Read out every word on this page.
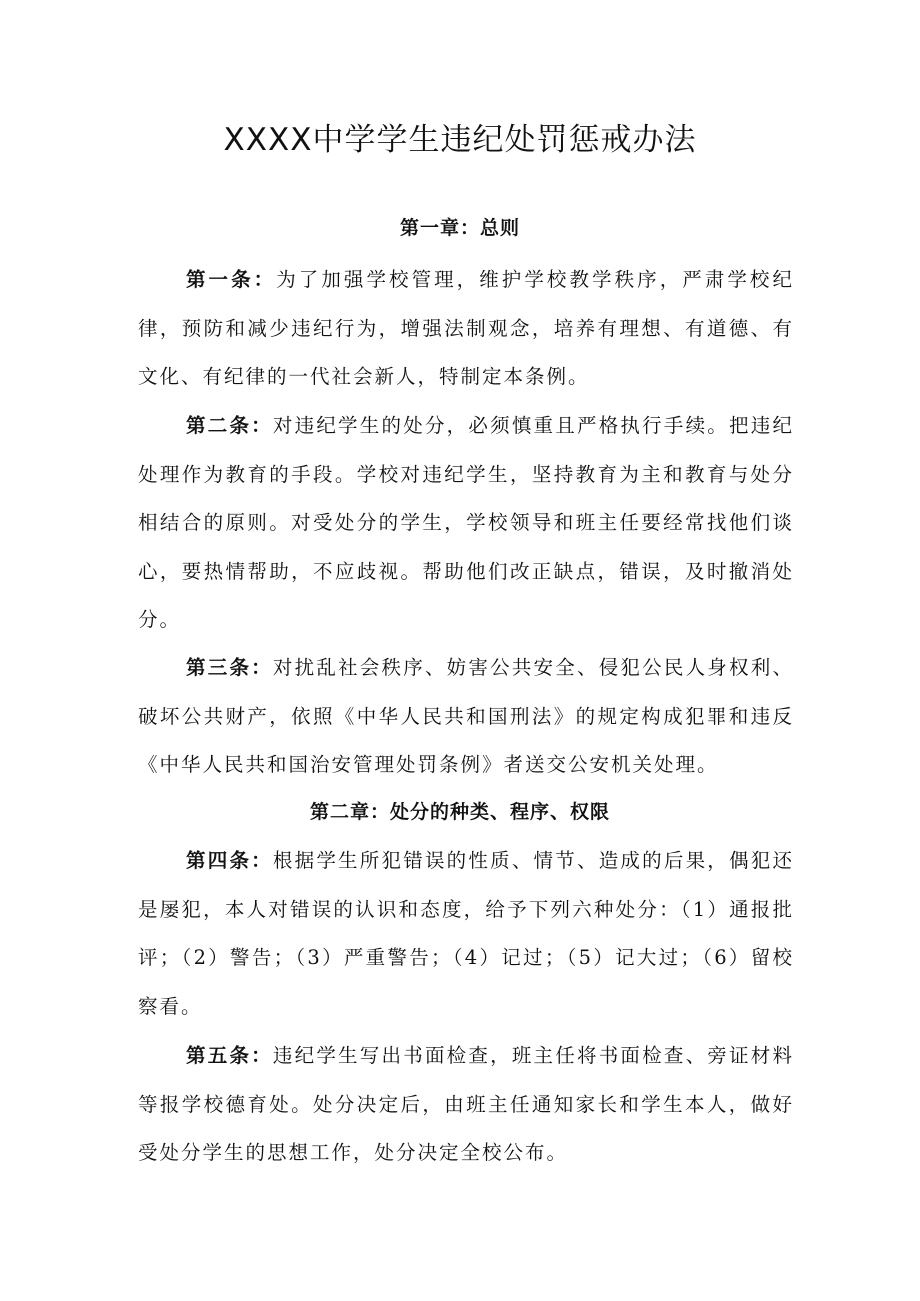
XXXX中学学生违纪处罚惩戒办法
第一章：总则

第一条：为了加强学校管理，维护学校教学秩序，严肃学校纪律，预防和减少违纪行为，增强法制观念，培养有理想、有道德、有文化、有纪律的一代社会新人，特制定本条例。

第二条：对违纪学生的处分，必须慎重且严格执行手续。把违纪处理作为教育的手段。学校对违纪学生，坚持教育为主和教育与处分相结合的原则。对受处分的学生，学校领导和班主任要经常找他们谈心，要热情帮助，不应歧视。帮助他们改正缺点，错误，及时撤消处分。

第三条：对扰乱社会秩序、妨害公共安全、侵犯公民人身权利、破坏公共财产，依照《中华人民共和国刑法》的规定构成犯罪和违反《中华人民共和国治安管理处罚条例》者送交公安机关处理。

第二章：处分的种类、程序、权限

第四条：根据学生所犯错误的性质、情节、造成的后果，偶犯还是屡犯，本人对错误的认识和态度，给予下列六种处分：（1）通报批评；（2）警告；（3）严重警告；（4）记过；（5）记大过；（6）留校察看。

第五条：违纪学生写出书面检查，班主任将书面检查、旁证材料等报学校德育处。处分决定后，由班主任通知家长和学生本人，做好受处分学生的思想工作，处分决定全校公布。
